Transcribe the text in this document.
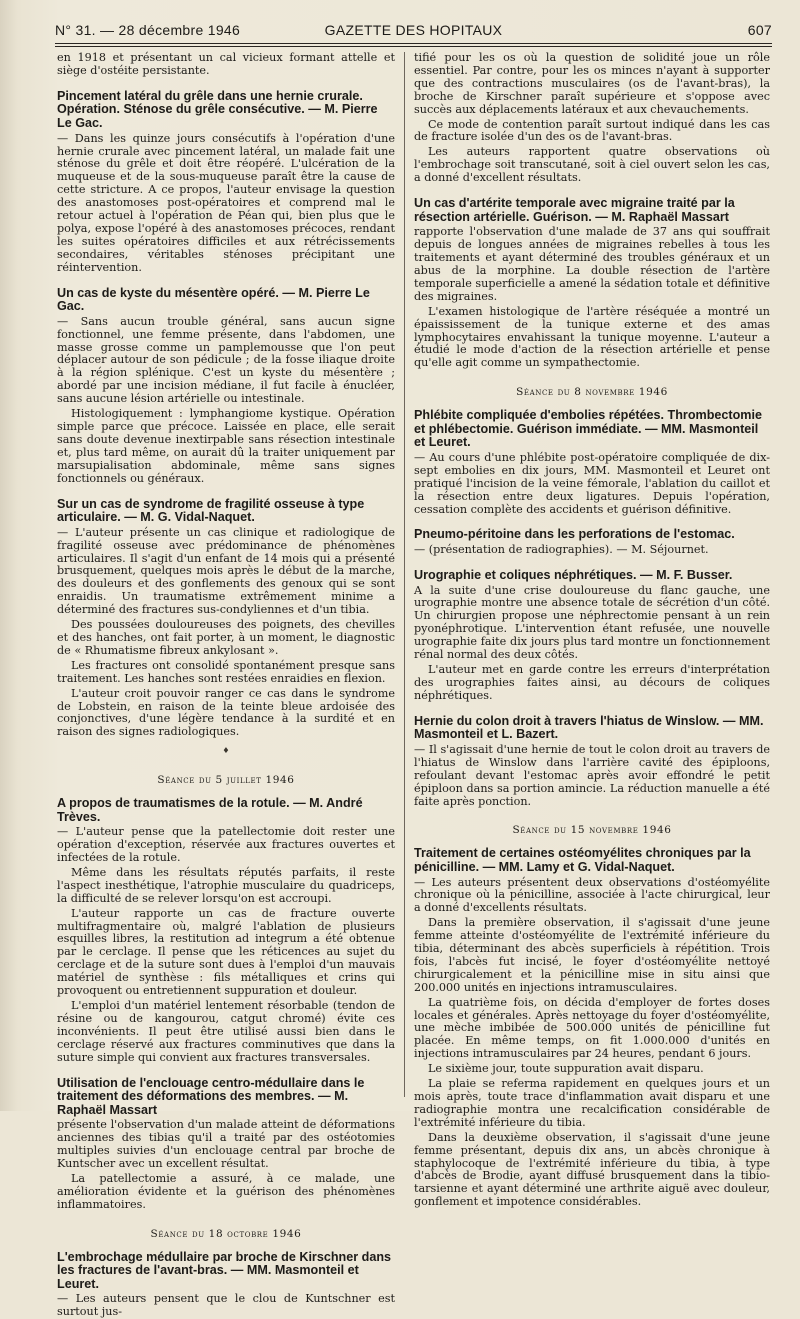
N° 31. — 28 décembre 1946	GAZETTE DES HOPITAUX	607

en 1918 et présentant un cal vicieux formant attelle et siège d'ostéite persistante.

Pincement latéral du grêle dans une hernie crurale. Opération. Sténose du grêle consécutive. — M. Pierre Le Gac.

— Dans les quinze jours consécutifs à l'opération d'une hernie crurale avec pincement latéral, un malade fait une sténose du grêle et doit être réopéré. L'ulcération de la muqueuse et de la sous-muqueuse paraît être la cause de cette stricture. A ce propos, l'auteur envisage la question des anastomoses post-opératoires et comprend mal le retour actuel à l'opération de Péan qui, bien plus que le polya, expose l'opéré à des anastomoses précoces, rendant les suites opératoires difficiles et aux rétrécissements secondaires, véritables sténoses précipitant une réintervention.

Un cas de kyste du mésentère opéré. — M. Pierre Le Gac.

— Sans aucun trouble général, sans aucun signe fonctionnel, une femme présente, dans l'abdomen, une masse grosse comme un pamplemousse que l'on peut déplacer autour de son pédicule ; de la fosse iliaque droite à la région splénique. C'est un kyste du mésentère ; abordé par une incision médiane, il fut facile à énucléer, sans aucune lésion artérielle ou intestinale.

Histologiquement : lymphangiome kystique. Opération simple parce que précoce. Laissée en place, elle serait sans doute devenue inextirpable sans résection intestinale et, plus tard même, on aurait dû la traiter uniquement par marsupialisation abdominale, même sans signes fonctionnels ou généraux.

Sur un cas de syndrome de fragilité osseuse à type articulaire. — M. G. Vidal-Naquet.

— L'auteur présente un cas clinique et radiologique de fragilité osseuse avec prédominance de phénomènes articulaires. Il s'agit d'un enfant de 14 mois qui a présenté brusquement, quelques mois après le début de la marche, des douleurs et des gonflements des genoux qui se sont enraidis. Un traumatisme extrêmement minime a déterminé des fractures sus-condyliennes et d'un tibia.

Des poussées douloureuses des poignets, des chevilles et des hanches, ont fait porter, à un moment, le diagnostic de « Rhumatisme fibreux ankylosant ».

Les fractures ont consolidé spontanément presque sans traitement. Les hanches sont restées enraidies en flexion.

L'auteur croit pouvoir ranger ce cas dans le syndrome de Lobstein, en raison de la teinte bleue ardoisée des conjonctives, d'une légère tendance à la surdité et en raison des signes radiologiques.

♦
Séance du 5 juillet 1946
A propos de traumatismes de la rotule. — M. André Trèves.

— L'auteur pense que la patellectomie doit rester une opération d'exception, réservée aux fractures ouvertes et infectées de la rotule.

Même dans les résultats réputés parfaits, il reste l'aspect inesthétique, l'atrophie musculaire du quadriceps, la difficulté de se relever lorsqu'on est accroupi.

L'auteur rapporte un cas de fracture ouverte multifragmentaire où, malgré l'ablation de plusieurs esquilles libres, la restitution ad integrum a été obtenue par le cerclage. Il pense que les réticences au sujet du cerclage et de la suture sont dues à l'emploi d'un mauvais matériel de synthèse : fils métalliques et crins qui provoquent ou entretiennent suppuration et douleur.

L'emploi d'un matériel lentement résorbable (tendon de résine ou de kangourou, catgut chromé) évite ces inconvénients. Il peut être utilisé aussi bien dans le cerclage réservé aux fractures comminutives que dans la suture simple qui convient aux fractures transversales.

Utilisation de l'enclouage centro-médullaire dans le traitement des déformations des membres. — M. Raphaël Massart

présente l'observation d'un malade atteint de déformations anciennes des tibias qu'il a traité par des ostéotomies multiples suivies d'un enclouage central par broche de Kuntscher avec un excellent résultat.

La patellectomie a assuré, à ce malade, une amélioration évidente et la guérison des phénomènes inflammatoires.

Séance du 18 octobre 1946
L'embrochage médullaire par broche de Kirschner dans les fractures de l'avant-bras. — MM. Masmonteil et Leuret.

— Les auteurs pensent que le clou de Kuntschner est surtout jus-

tifié pour les os où la question de solidité joue un rôle essentiel. Par contre, pour les os minces n'ayant à supporter que des contractions musculaires (os de l'avant-bras), la broche de Kirschner paraît supérieure et s'oppose avec succès aux déplacements latéraux et aux chevauchements.

Ce mode de contention paraît surtout indiqué dans les cas de fracture isolée d'un des os de l'avant-bras.

Les auteurs rapportent quatre observations où l'embrochage soit transcutané, soit à ciel ouvert selon les cas, a donné d'excellent résultats.

Un cas d'artérite temporale avec migraine traité par la résection artérielle. Guérison. — M. Raphaël Massart

rapporte l'observation d'une malade de 37 ans qui souffrait depuis de longues années de migraines rebelles à tous les traitements et ayant déterminé des troubles généraux et un abus de la morphine. La double résection de l'artère temporale superficielle a amené la sédation totale et définitive des migraines.

L'examen histologique de l'artère réséquée a montré un épaississement de la tunique externe et des amas lymphocytaires envahissant la tunique moyenne. L'auteur a étudié le mode d'action de la résection artérielle et pense qu'elle agit comme un sympathectomie.

Séance du 8 novembre 1946
Phlébite compliquée d'embolies répétées. Thrombectomie et phlébectomie. Guérison immédiate. — MM. Masmonteil et Leuret.

— Au cours d'une phlébite post-opératoire compliquée de dix-sept embolies en dix jours, MM. Masmonteil et Leuret ont pratiqué l'incision de la veine fémorale, l'ablation du caillot et la résection entre deux ligatures. Depuis l'opération, cessation complète des accidents et guérison définitive.

Pneumo-péritoine dans les perforations de l'estomac.

— (présentation de radiographies). — M. Séjournet.

Urographie et coliques néphrétiques. — M. F. Busser.

A la suite d'une crise douloureuse du flanc gauche, une urographie montre une absence totale de sécrétion d'un côté. Un chirurgien propose une néphrectomie pensant à un rein pyonéphrotique. L'intervention étant refusée, une nouvelle urographie faite dix jours plus tard montre un fonctionnement rénal normal des deux côtés.

L'auteur met en garde contre les erreurs d'interprétation des urographies faites ainsi, au décours de coliques néphrétiques.

Hernie du colon droit à travers l'hiatus de Winslow. — MM. Masmonteil et L. Bazert.

— Il s'agissait d'une hernie de tout le colon droit au travers de l'hiatus de Winslow dans l'arrière cavité des épiploons, refoulant devant l'estomac après avoir effondré le petit épiploon dans sa portion amincie. La réduction manuelle a été faite après ponction.

Séance du 15 novembre 1946
Traitement de certaines ostéomyélites chroniques par la pénicilline. — MM. Lamy et G. Vidal-Naquet.

— Les auteurs présentent deux observations d'ostéomyélite chronique où la pénicilline, associée à l'acte chirurgical, leur a donné d'excellents résultats.

Dans la première observation, il s'agissait d'une jeune femme atteinte d'ostéomyélite de l'extrémité inférieure du tibia, déterminant des abcès superficiels à répétition. Trois fois, l'abcès fut incisé, le foyer d'ostéomyélite nettoyé chirurgicalement et la pénicilline mise in situ ainsi que 200.000 unités en injections intramusculaires.

La quatrième fois, on décida d'employer de fortes doses locales et générales. Après nettoyage du foyer d'ostéomyélite, une mèche imbibée de 500.000 unités de pénicilline fut placée. En même temps, on fit 1.000.000 d'unités en injections intramusculaires par 24 heures, pendant 6 jours.

Le sixième jour, toute suppuration avait disparu.

La plaie se referma rapidement en quelques jours et un mois après, toute trace d'inflammation avait disparu et une radiographie montra une recalcification considérable de l'extrémité inférieure du tibia.

Dans la deuxième observation, il s'agissait d'une jeune femme présentant, depuis dix ans, un abcès chronique à staphylocoque de l'extrémité inférieure du tibia, à type d'abcès de Brodie, ayant diffusé brusquement dans la tibio-tarsienne et ayant déterminé une arthrite aiguë avec douleur, gonflement et impotence considérables.
